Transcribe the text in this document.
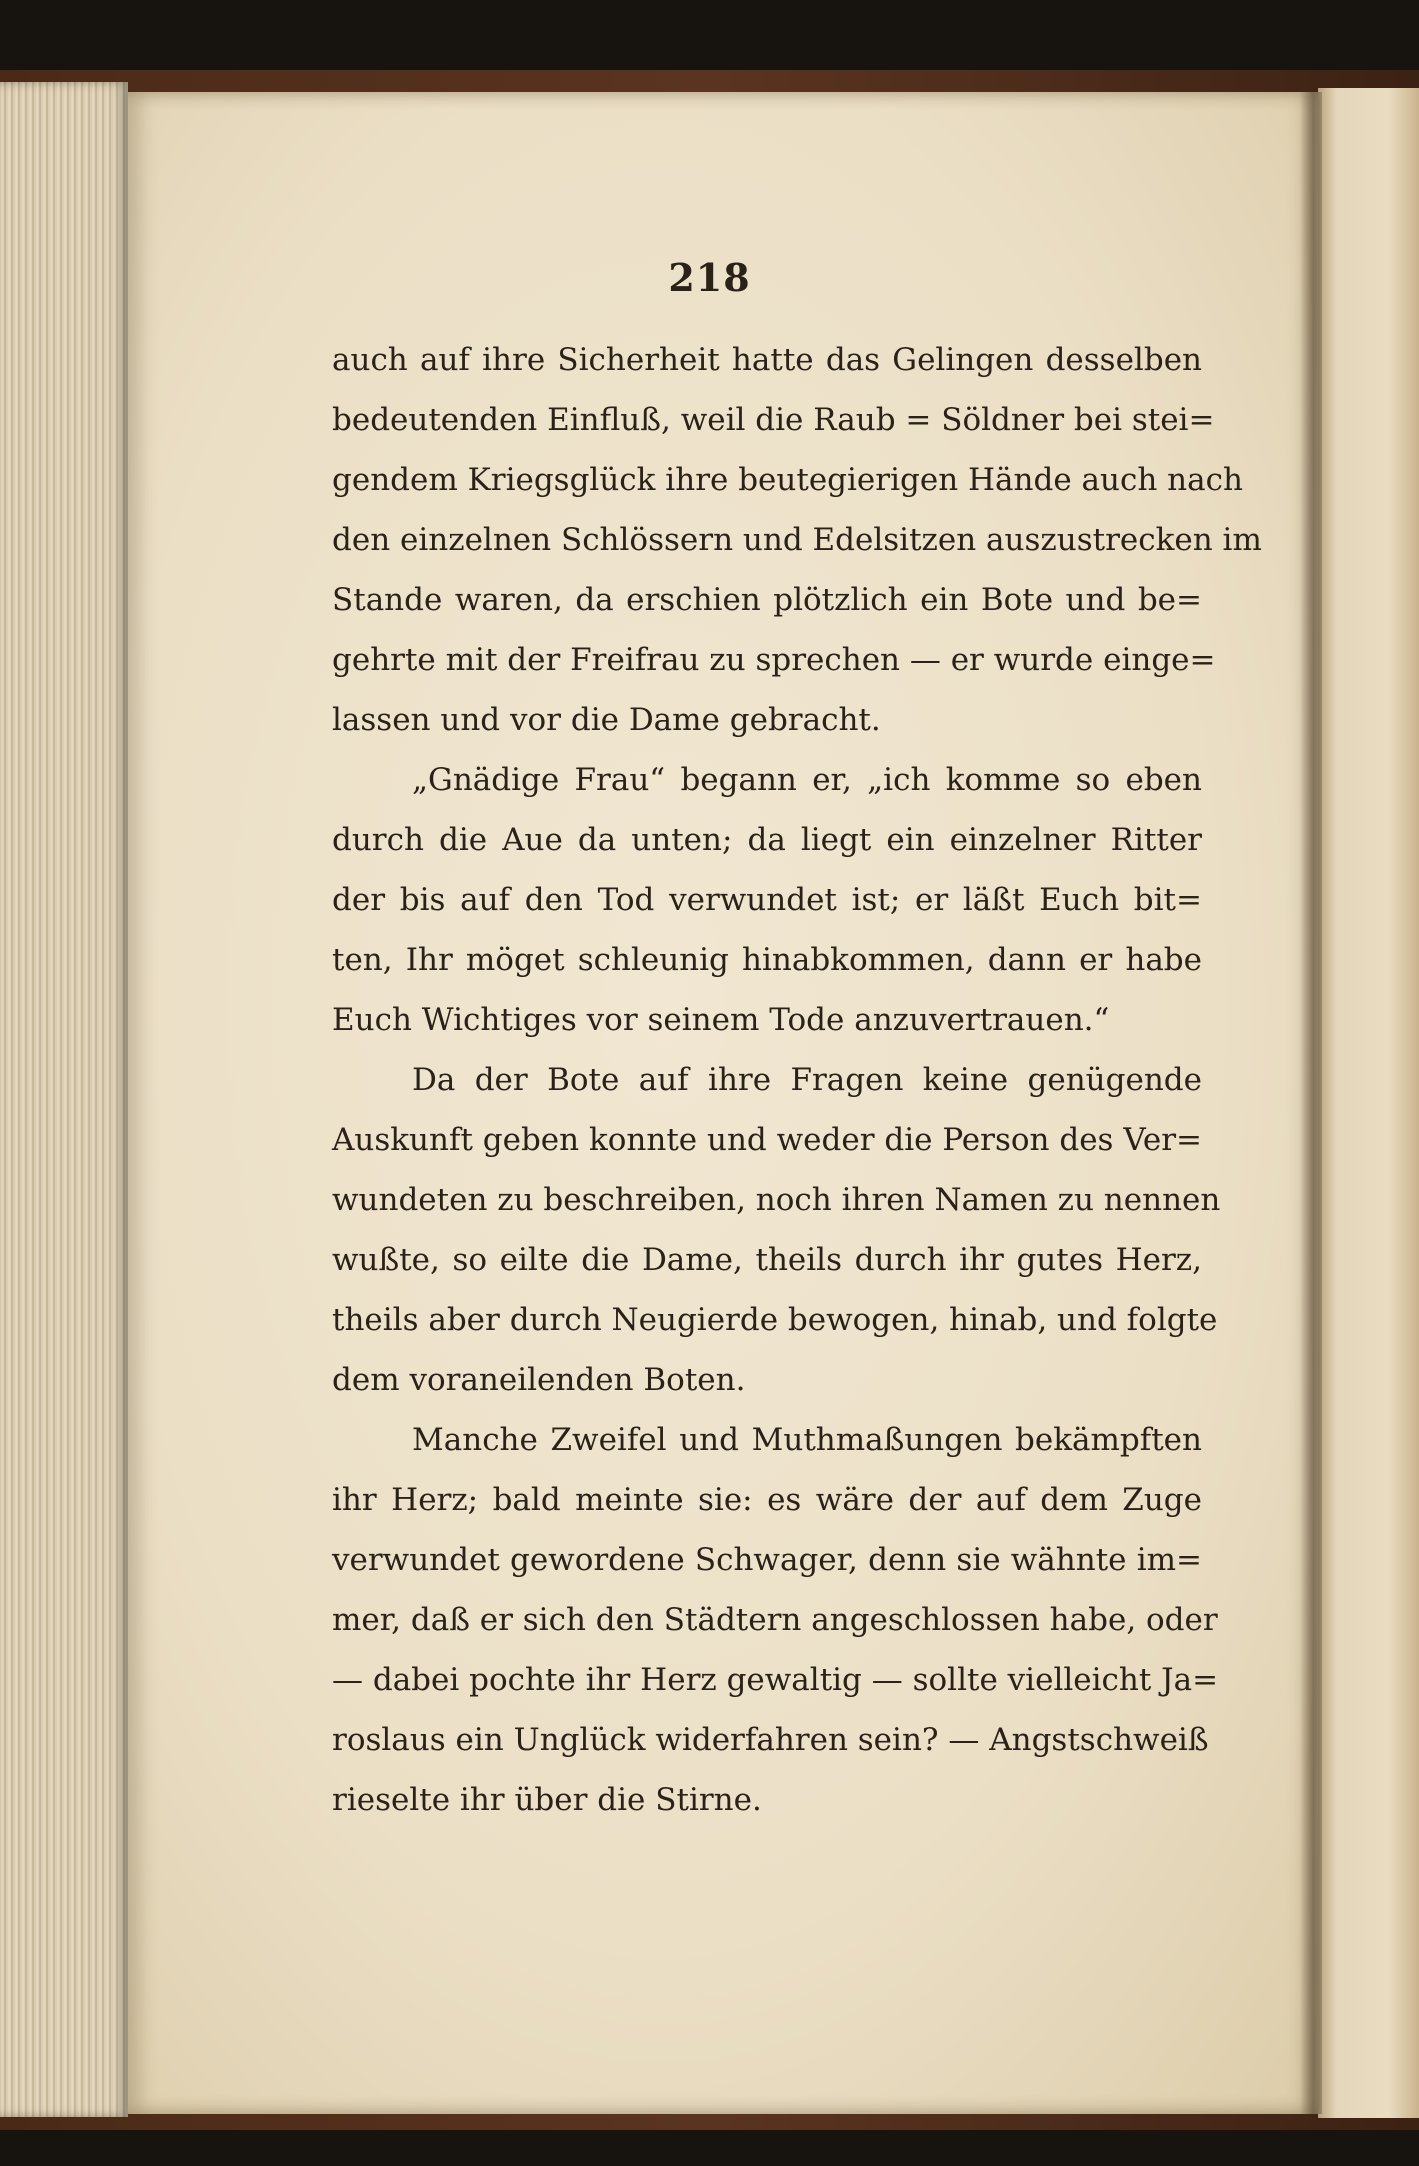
218
auch auf ihre Sicherheit hatte das Gelingen desselben
bedeutenden Einfluß, weil die Raub = Söldner bei stei=
gendem Kriegsglück ihre beutegierigen Hände auch nach
den einzelnen Schlössern und Edelsitzen auszustrecken im
Stande waren, da erschien plötzlich ein Bote und be=
gehrte mit der Freifrau zu sprechen — er wurde einge=
lassen und vor die Dame gebracht.
„Gnädige Frau“ begann er, „ich komme so eben
durch die Aue da unten; da liegt ein einzelner Ritter
der bis auf den Tod verwundet ist; er läßt Euch bit=
ten, Ihr möget schleunig hinabkommen, dann er habe
Euch Wichtiges vor seinem Tode anzuvertrauen.“
Da der Bote auf ihre Fragen keine genügende
Auskunft geben konnte und weder die Person des Ver=
wundeten zu beschreiben, noch ihren Namen zu nennen
wußte, so eilte die Dame, theils durch ihr gutes Herz,
theils aber durch Neugierde bewogen, hinab, und folgte
dem voraneilenden Boten.
Manche Zweifel und Muthmaßungen bekämpften
ihr Herz; bald meinte sie: es wäre der auf dem Zuge
verwundet gewordene Schwager, denn sie wähnte im=
mer, daß er sich den Städtern angeschlossen habe, oder
— dabei pochte ihr Herz gewaltig — sollte vielleicht Ja=
roslaus ein Unglück widerfahren sein? — Angstschweiß
rieselte ihr über die Stirne.
